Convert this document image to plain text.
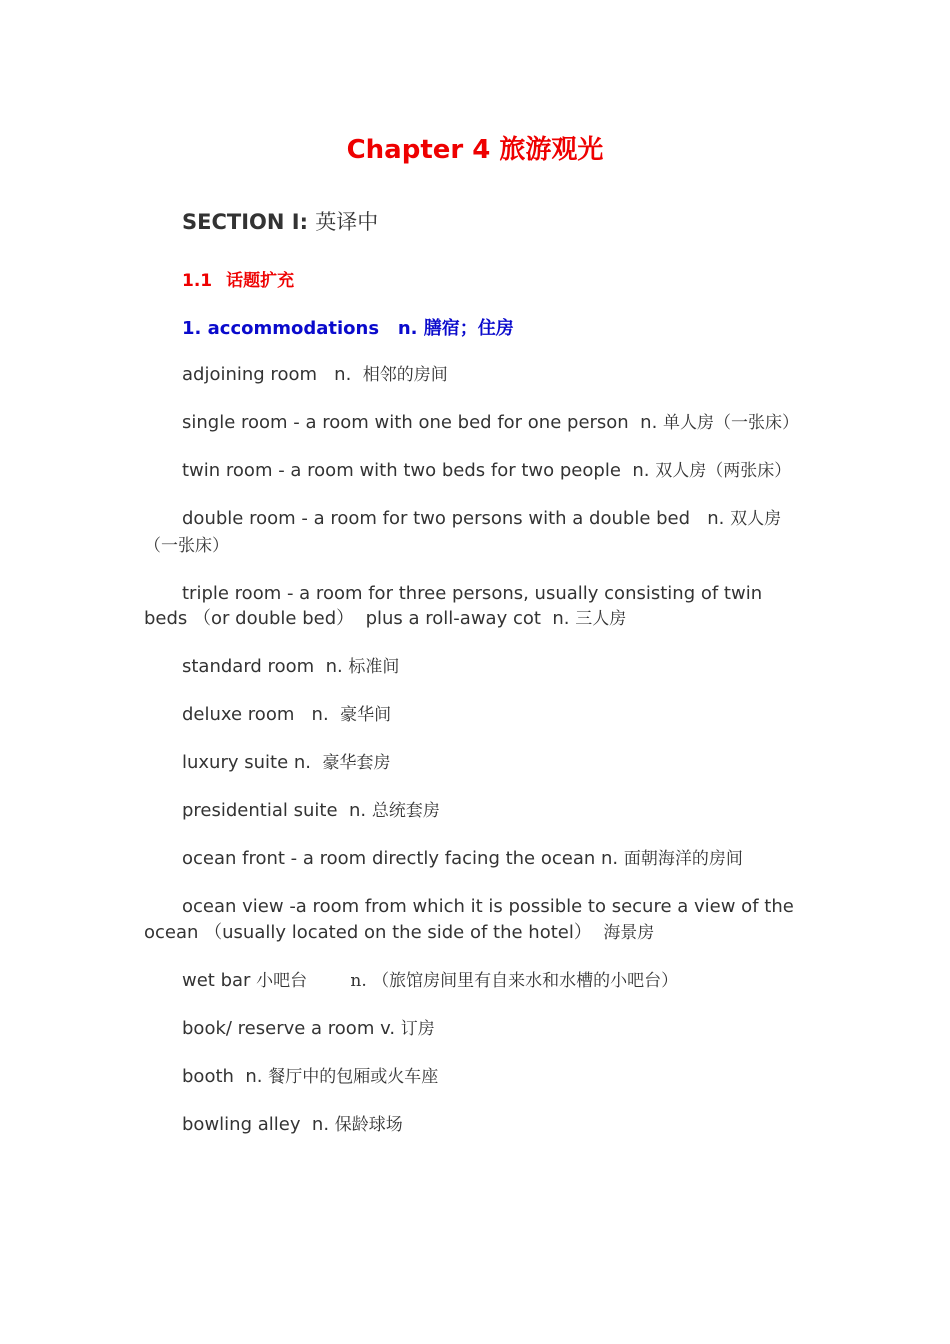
Chapter 4 旅游观光
SECTION I: 英译中
1.1 话题扩充
1. accommodations   n. 膳宿；住房

adjoining room   n.  相邻的房间

single room - a room with one bed for one person  n. 单人房（一张床）

twin room - a room with two beds for two people  n. 双人房（两张床）

double room - a room for two persons with a double bed   n. 双人房（一张床）

triple room - a room for three persons, usually consisting of twin beds （or double bed）  plus a roll-away cot  n. 三人房

standard room  n. 标准间

deluxe room   n.  豪华间

luxury suite n.  豪华套房

presidential suite  n. 总统套房

ocean front - a room directly facing the ocean n. 面朝海洋的房间

ocean view -a room from which it is possible to secure a view of the ocean （usually located on the side of the hotel）  海景房

wet bar 小吧台        n. （旅馆房间里有自来水和水槽的小吧台）

book/ reserve a room v. 订房

booth  n. 餐厅中的包厢或火车座

bowling alley  n. 保龄球场
